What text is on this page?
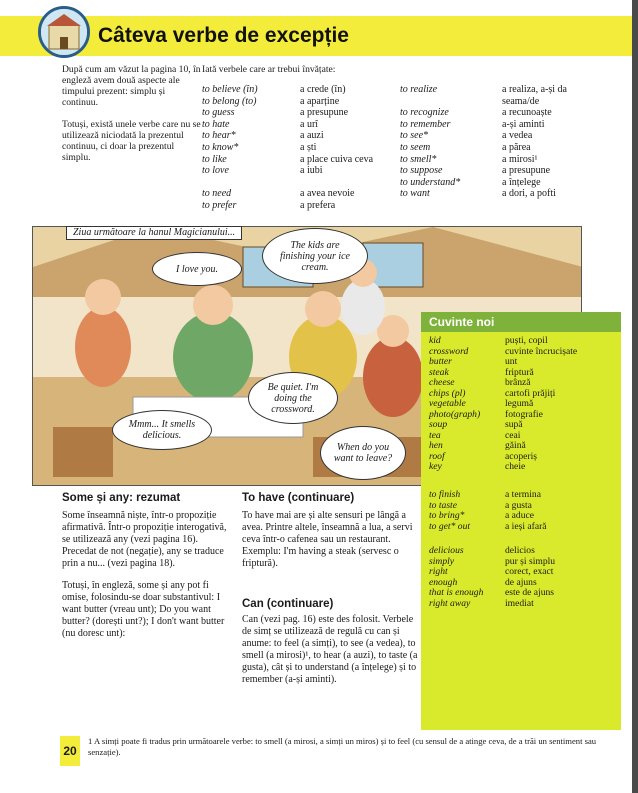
Câteva verbe de excepție

După cum am văzut la pagina 10, în engleză avem două aspecte ale timpului prezent: simplu și continuu.

Totuși, există unele verbe care nu se utilizează niciodată la prezentul continuu, ci doar la prezentul simplu.

Iată verbele care ar trebui învățate:
to believe (în)
to belong (to)
to guess
to hate
to hear*
to know*
to like
to love
to need
to prefer
a crede (în)
a aparține
a presupune
a urî
a auzi
a ști
a place cuiva ceva
a iubi
a avea nevoie
a prefera
to realize
to recognize
to remember
to see*
to seem
to smell*
to suppose
to understand*
to want
a realiza, a-și da
seama/de
a recunoaște
a-și aminti
a vedea
a părea
a mirosi¹
a presupune
a înțelege
a dori, a pofti
Ziua următoare la hanul Magicianului...
I love you.
The kids are finishing your ice cream.
Be quiet. I'm doing the crossword.
Mmm... It smells delicious.
When do you want to leave?
Cuvinte noi
kid
crossword
butter
steak
cheese
chips (pl)
vegetable
photo(graph)
soup
tea
hen
roof
key
puști, copil
cuvinte încrucișate
unt
friptură
brânză
cartofi prăjiți
legumă
fotografie
supă
ceai
găină
acoperiș
cheie
to finish
to taste
to bring*
to get* out
a termina
a gusta
a aduce
a ieși afară
delicious
simply
right
enough
that is enough
right away
delicios
pur și simplu
corect, exact
de ajuns
este de ajuns
imediat
Some și any: rezumat

Some înseamnă niște, într-o propoziție afirmativă. Într-o propoziție interogativă, se utilizează any (vezi pagina 16). Precedat de not (negație), any se traduce prin a nu... (vezi pagina 18).

Totuși, în engleză, some și any pot fi omise, folosindu-se doar substantivul: I want butter (vreau unt); Do you want butter? (dorești unt?); I don't want butter (nu doresc unt):

To have (continuare)

To have mai are și alte sensuri pe lângă a avea. Printre altele, înseamnă a lua, a servi ceva într-o cafenea sau un restaurant. Exemplu: I'm having a steak (servesc o friptură).

Can (continuare)

Can (vezi pag. 16) este des folosit. Verbele de simț se utilizează de regulă cu can și anume: to feel (a simți), to see (a vedea), to smell (a mirosi)¹, to hear (a auzi), to taste (a gusta), cât și to understand (a înțelege) și to remember (a-și aminti).

20
1 A simți poate fi tradus prin următoarele verbe: to smell (a mirosi, a simți un miros) și to feel (cu sensul de a atinge ceva, de a trăi un sentiment sau senzație).
